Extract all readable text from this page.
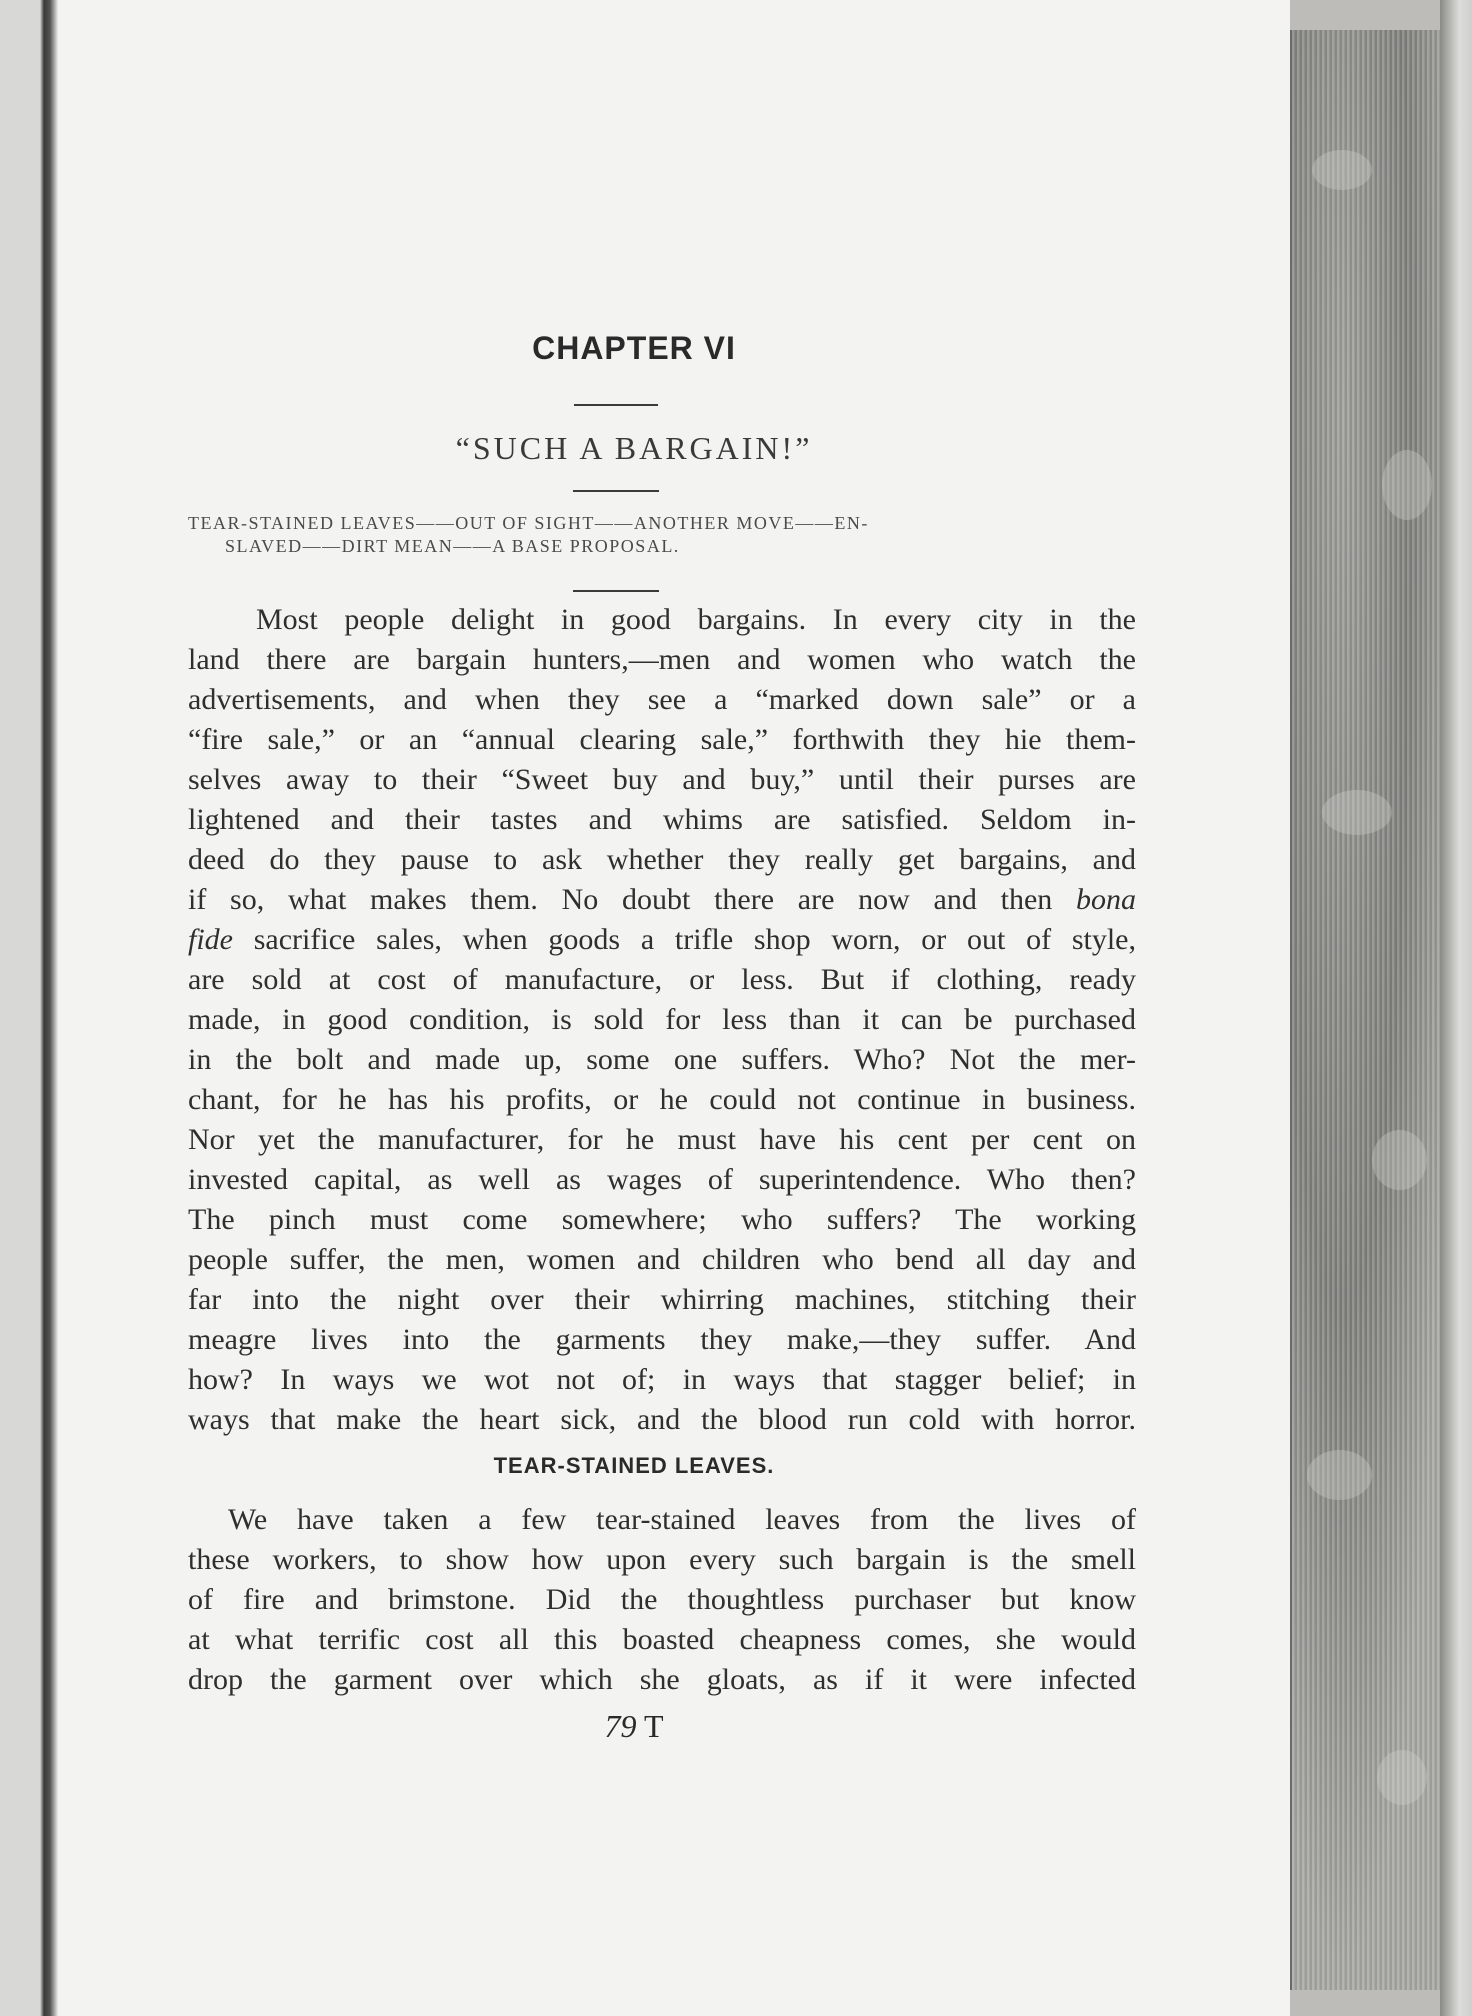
CHAPTER VI
“SUCH A BARGAIN!”
TEAR-STAINED LEAVES——OUT OF SIGHT——ANOTHER MOVE——EN-
SLAVED——DIRT MEAN——A BASE PROPOSAL.
Most people delight in good bargains. In every city in the
land there are bargain hunters,—men and women who watch the
advertisements, and when they see a “marked down sale” or a
“fire sale,” or an “annual clearing sale,” forthwith they hie them-
selves away to their “Sweet buy and buy,” until their purses are
lightened and their tastes and whims are satisfied. Seldom in-
deed do they pause to ask whether they really get bargains, and
if so, what makes them. No doubt there are now and then bona
fide sacrifice sales, when goods a trifle shop worn, or out of style,
are sold at cost of manufacture, or less. But if clothing, ready
made, in good condition, is sold for less than it can be purchased
in the bolt and made up, some one suffers. Who? Not the mer-
chant, for he has his profits, or he could not continue in business.
Nor yet the manufacturer, for he must have his cent per cent on
invested capital, as well as wages of superintendence. Who then?
The pinch must come somewhere; who suffers? The working
people suffer, the men, women and children who bend all day and
far into the night over their whirring machines, stitching their
meagre lives into the garments they make,—they suffer. And
how? In ways we wot not of; in ways that stagger belief; in
ways that make the heart sick, and the blood run cold with horror.
TEAR-STAINED LEAVES.
We have taken a few tear-stained leaves from the lives of
these workers, to show how upon every such bargain is the smell
of fire and brimstone. Did the thoughtless purchaser but know
at what terrific cost all this boasted cheapness comes, she would
drop the garment over which she gloats, as if it were infected
79 T
